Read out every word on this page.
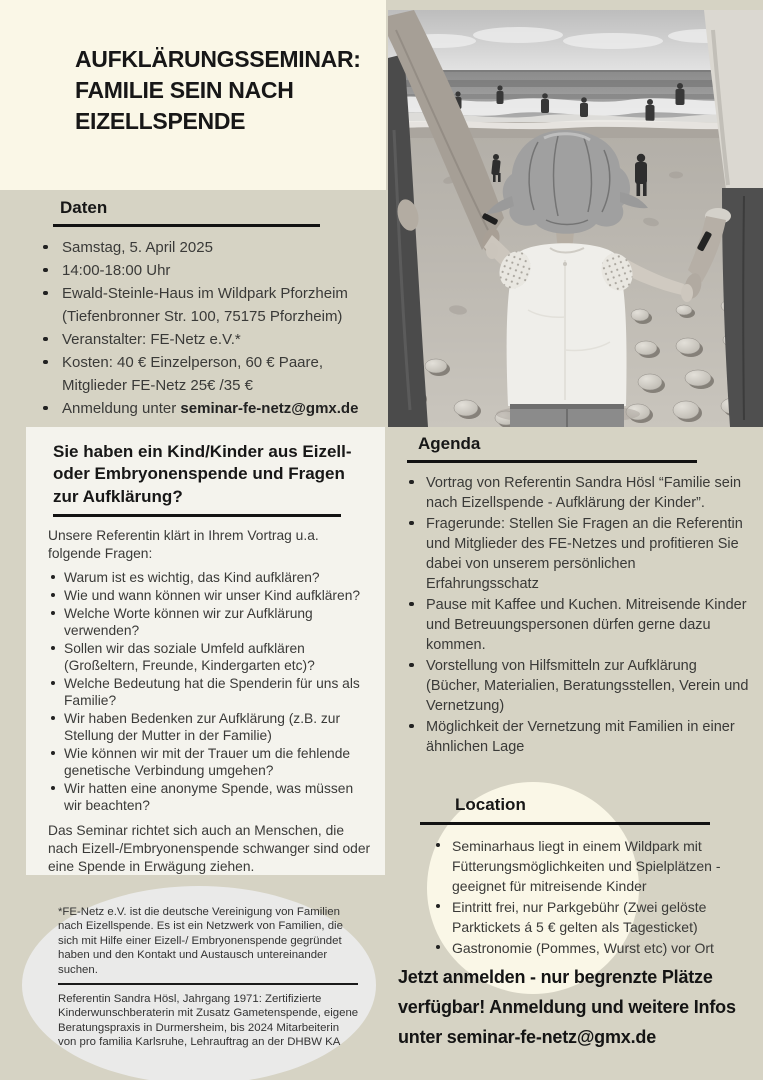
AUFKLÄRUNGSSEMINAR:
FAMILIE SEIN NACH
EIZELLSPENDE
Daten
Samstag, 5. April 2025
14:00-18:00 Uhr
Ewald-Steinle-Haus im Wildpark Pforzheim (Tiefenbronner Str. 100, 75175 Pforzheim)
Veranstalter: FE-Netz e.V.*
Kosten: 40 € Einzelperson, 60 € Paare, Mitglieder FE-Netz 25€ /35 €
Anmeldung unter seminar-fe-netz@gmx.de
Sie haben ein Kind/Kinder aus Eizell- oder Embryonenspende und Fragen zur Aufklärung?

Unsere Referentin klärt in Ihrem Vortrag u.a. folgende Fragen:

Warum ist es wichtig, das Kind aufklären?
Wie und wann können wir unser Kind aufklären?
Welche Worte können wir zur Aufklärung verwenden?
Sollen wir das soziale Umfeld aufklären (Großeltern, Freunde, Kindergarten etc)?
Welche Bedeutung hat die Spenderin für uns als Familie?
Wir haben Bedenken zur Aufklärung (z.B. zur Stellung der Mutter in der Familie)
Wie können wir mit der Trauer um die fehlende genetische Verbindung umgehen?
Wir hatten eine anonyme Spende, was müssen wir beachten?

Das Seminar richtet sich auch an Menschen, die nach Eizell-/Embryonenspende schwanger sind oder eine Spende in Erwägung ziehen.

Agenda
Vortrag von Referentin Sandra Hösl “Familie sein nach Eizellspende - Aufklärung der Kinder”.
Fragerunde: Stellen Sie Fragen an die Referentin und Mitglieder des FE-Netzes und profitieren Sie dabei von unserem persönlichen Erfahrungsschatz
Pause mit Kaffee und Kuchen. Mitreisende Kinder und Betreuungspersonen dürfen gerne dazu kommen.
Vorstellung von Hilfsmitteln zur Aufklärung (Bücher, Materialien, Beratungsstellen, Verein und Vernetzung)
Möglichkeit der Vernetzung mit Familien in einer ähnlichen Lage
Location
Seminarhaus liegt in einem Wildpark mit Fütterungsmöglichkeiten und Spielplätzen - geeignet für mitreisende Kinder
Eintritt frei, nur Parkgebühr (Zwei gelöste Parktickets á 5 € gelten als Tagesticket)
Gastronomie (Pommes, Wurst etc) vor Ort

*FE-Netz e.V. ist die deutsche Vereinigung von Familien nach Eizellspende. Es ist ein Netzwerk von Familien, die sich mit Hilfe einer Eizell-/ Embryonenspende gegründet haben und den Kontakt und Austausch untereinander suchen.

Referentin Sandra Hösl, Jahrgang 1971: Zertifizierte Kinderwunschberaterin mit Zusatz Gametenspende, eigene Beratungspraxis in Durmersheim, bis 2024 Mitarbeiterin von pro familia Karlsruhe, Lehrauftrag an der DHBW KA

Jetzt anmelden - nur begrenzte Plätze verfügbar! Anmeldung und weitere Infos unter seminar-fe-netz@gmx.de
